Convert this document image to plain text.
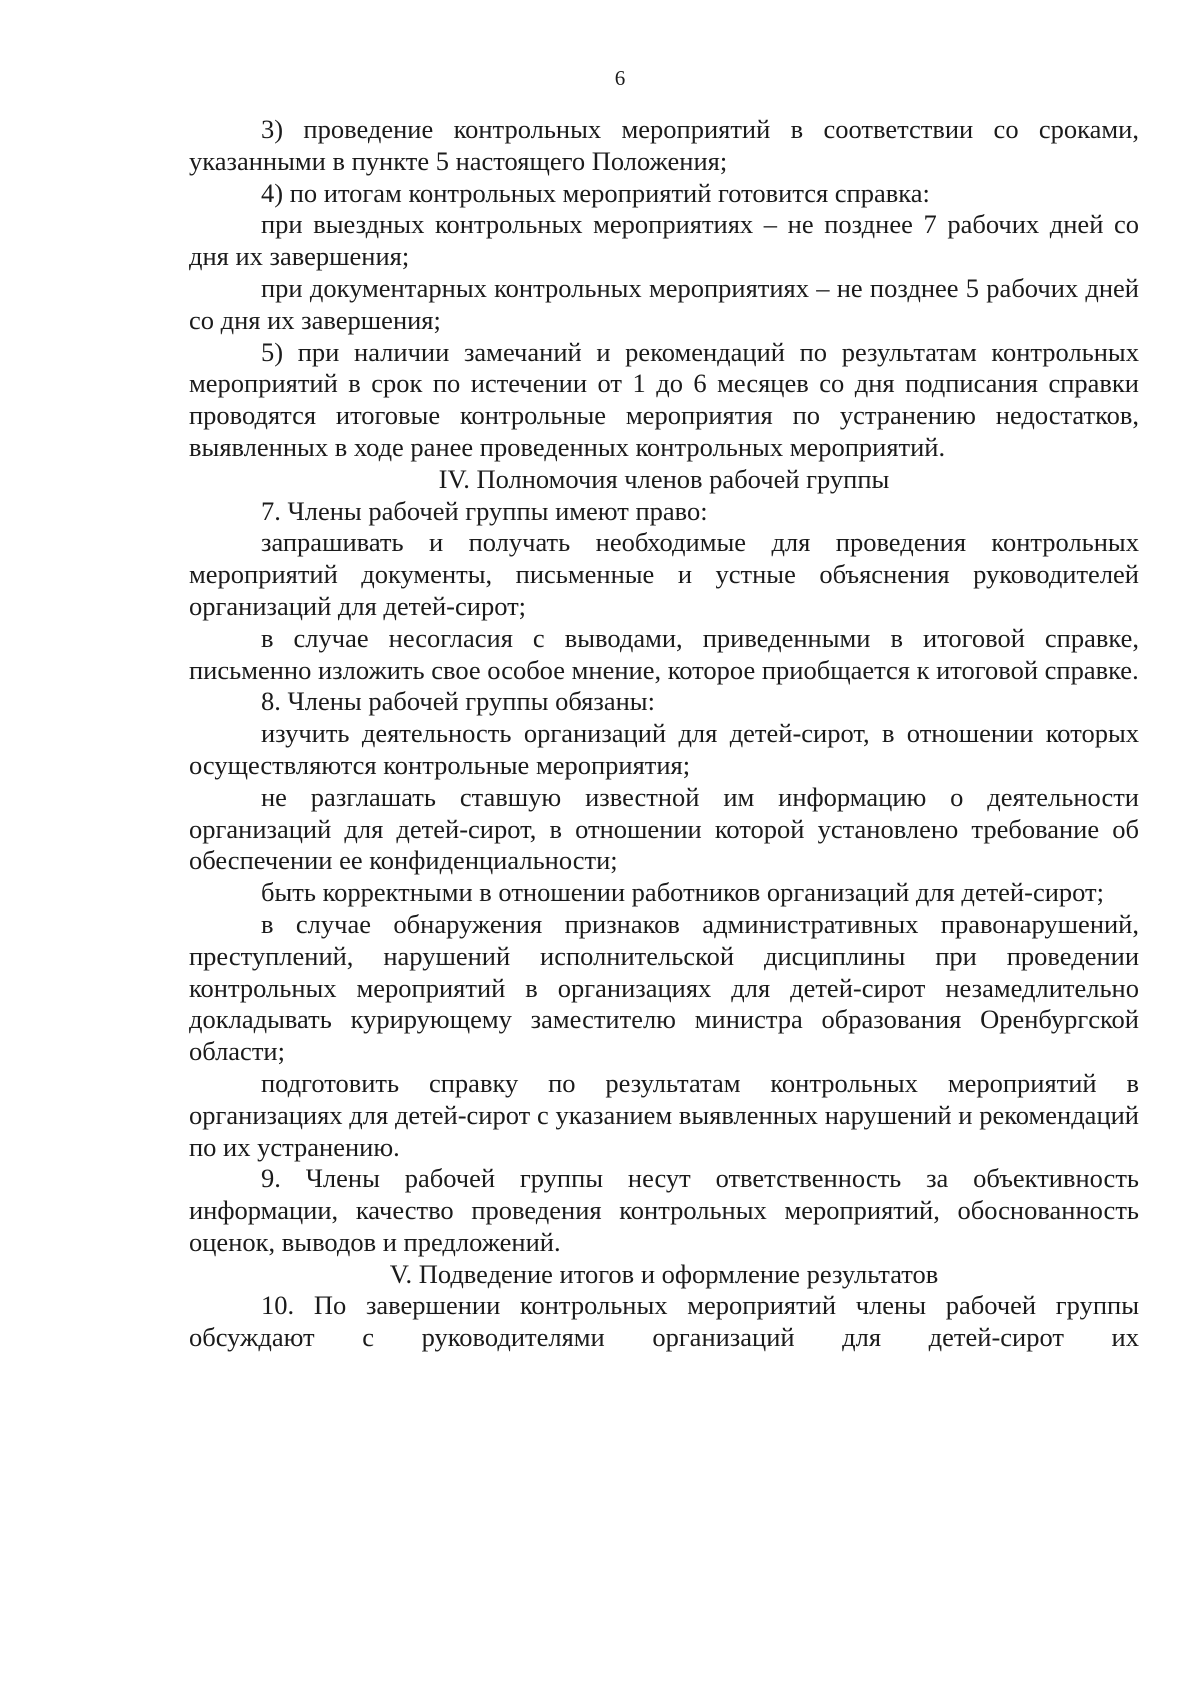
6

3) проведение контрольных мероприятий в соответствии со сроками, указанными в пункте 5 настоящего Положения;

4) по итогам контрольных мероприятий готовится справка:

при выездных контрольных мероприятиях – не позднее 7 рабочих дней со дня их завершения;

при документарных контрольных мероприятиях – не позднее 5 рабочих дней со дня их завершения;

5) при наличии замечаний и рекомендаций по результатам контрольных мероприятий в срок по истечении от 1 до 6 месяцев со дня подписания справки проводятся итоговые контрольные мероприятия по устранению недостатков, выявленных в ходе ранее проведенных контрольных мероприятий.

IV. Полномочия членов рабочей группы

7. Члены рабочей группы имеют право:

запрашивать и получать необходимые для проведения контрольных мероприятий документы, письменные и устные объяснения руководителей организаций для детей-сирот;

в случае несогласия с выводами, приведенными в итоговой справке, письменно изложить свое особое мнение, которое приобщается к итоговой справке.

8. Члены рабочей группы обязаны:

изучить деятельность организаций для детей-сирот, в отношении которых осуществляются контрольные мероприятия;

не разглашать ставшую известной им информацию о деятельности организаций для детей-сирот, в отношении которой установлено требование об обеспечении ее конфиденциальности;

быть корректными в отношении работников организаций для детей-сирот;

в случае обнаружения признаков административных правонарушений, преступлений, нарушений исполнительской дисциплины при проведении контрольных мероприятий в организациях для детей-сирот незамедлительно докладывать курирующему заместителю министра образования Оренбургской области;

подготовить справку по результатам контрольных мероприятий в организациях для детей-сирот с указанием выявленных нарушений и рекомендаций по их устранению.

9. Члены рабочей группы несут ответственность за объективность информации, качество проведения контрольных мероприятий, обоснованность оценок, выводов и предложений.

V. Подведение итогов и оформление результатов

10. По завершении контрольных мероприятий члены рабочей группы обсуждают с руководителями организаций для детей-сирот их
